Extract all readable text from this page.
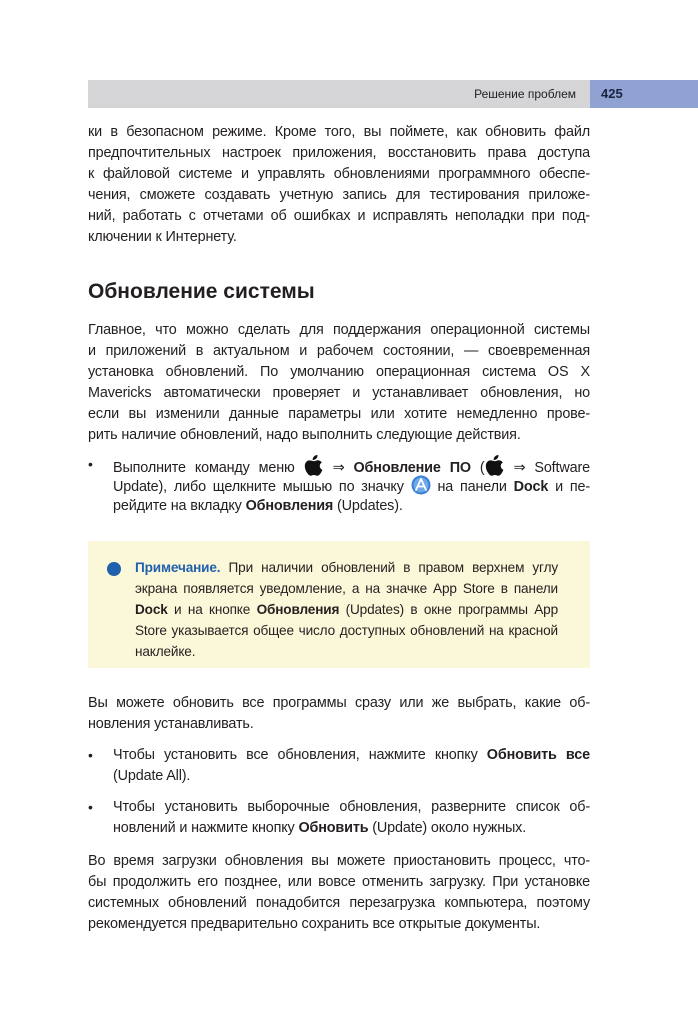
Решение проблем 425
ки в безопасном режиме. Кроме того, вы поймете, как обновить файл
предпочтительных настроек приложения, восстановить права доступа
к файловой системе и управлять обновлениями программного обеспе-
чения, сможете создавать учетную запись для тестирования приложе-
ний, работать с отчетами об ошибках и исправлять неполадки при под-
ключении к Интернету.
Обновление системы
Главное, что можно сделать для поддержания операционной системы
и приложений в актуальном и рабочем состоянии, — своевременная
установка обновлений. По умолчанию операционная система OS X
Mavericks автоматически проверяет и устанавливает обновления, но
если вы изменили данные параметры или хотите немедленно прове-
рить наличие обновлений, надо выполнить следующие действия.
• Выполните команду меню  ⇒ Обновление ПО ( ⇒ Software
Update), либо щелкните мышью по значку  на панели Dock и пе-
рейдите на вкладку Обновления (Updates).
Примечание. При наличии обновлений в правом верхнем углу
экрана появляется уведомление, а на значке App Store в панели
Dock и на кнопке Обновления (Updates) в окне программы App
Store указывается общее число доступных обновлений на красной
наклейке.
Вы можете обновить все программы сразу или же выбрать, какие об-
новления устанавливать.
• Чтобы установить все обновления, нажмите кнопку Обновить все
(Update All).
• Чтобы установить выборочные обновления, разверните список об-
новлений и нажмите кнопку Обновить (Update) около нужных.
Во время загрузки обновления вы можете приостановить процесс, что-
бы продолжить его позднее, или вовсе отменить загрузку. При установке
системных обновлений понадобится перезагрузка компьютера, поэтому
рекомендуется предварительно сохранить все открытые документы.
